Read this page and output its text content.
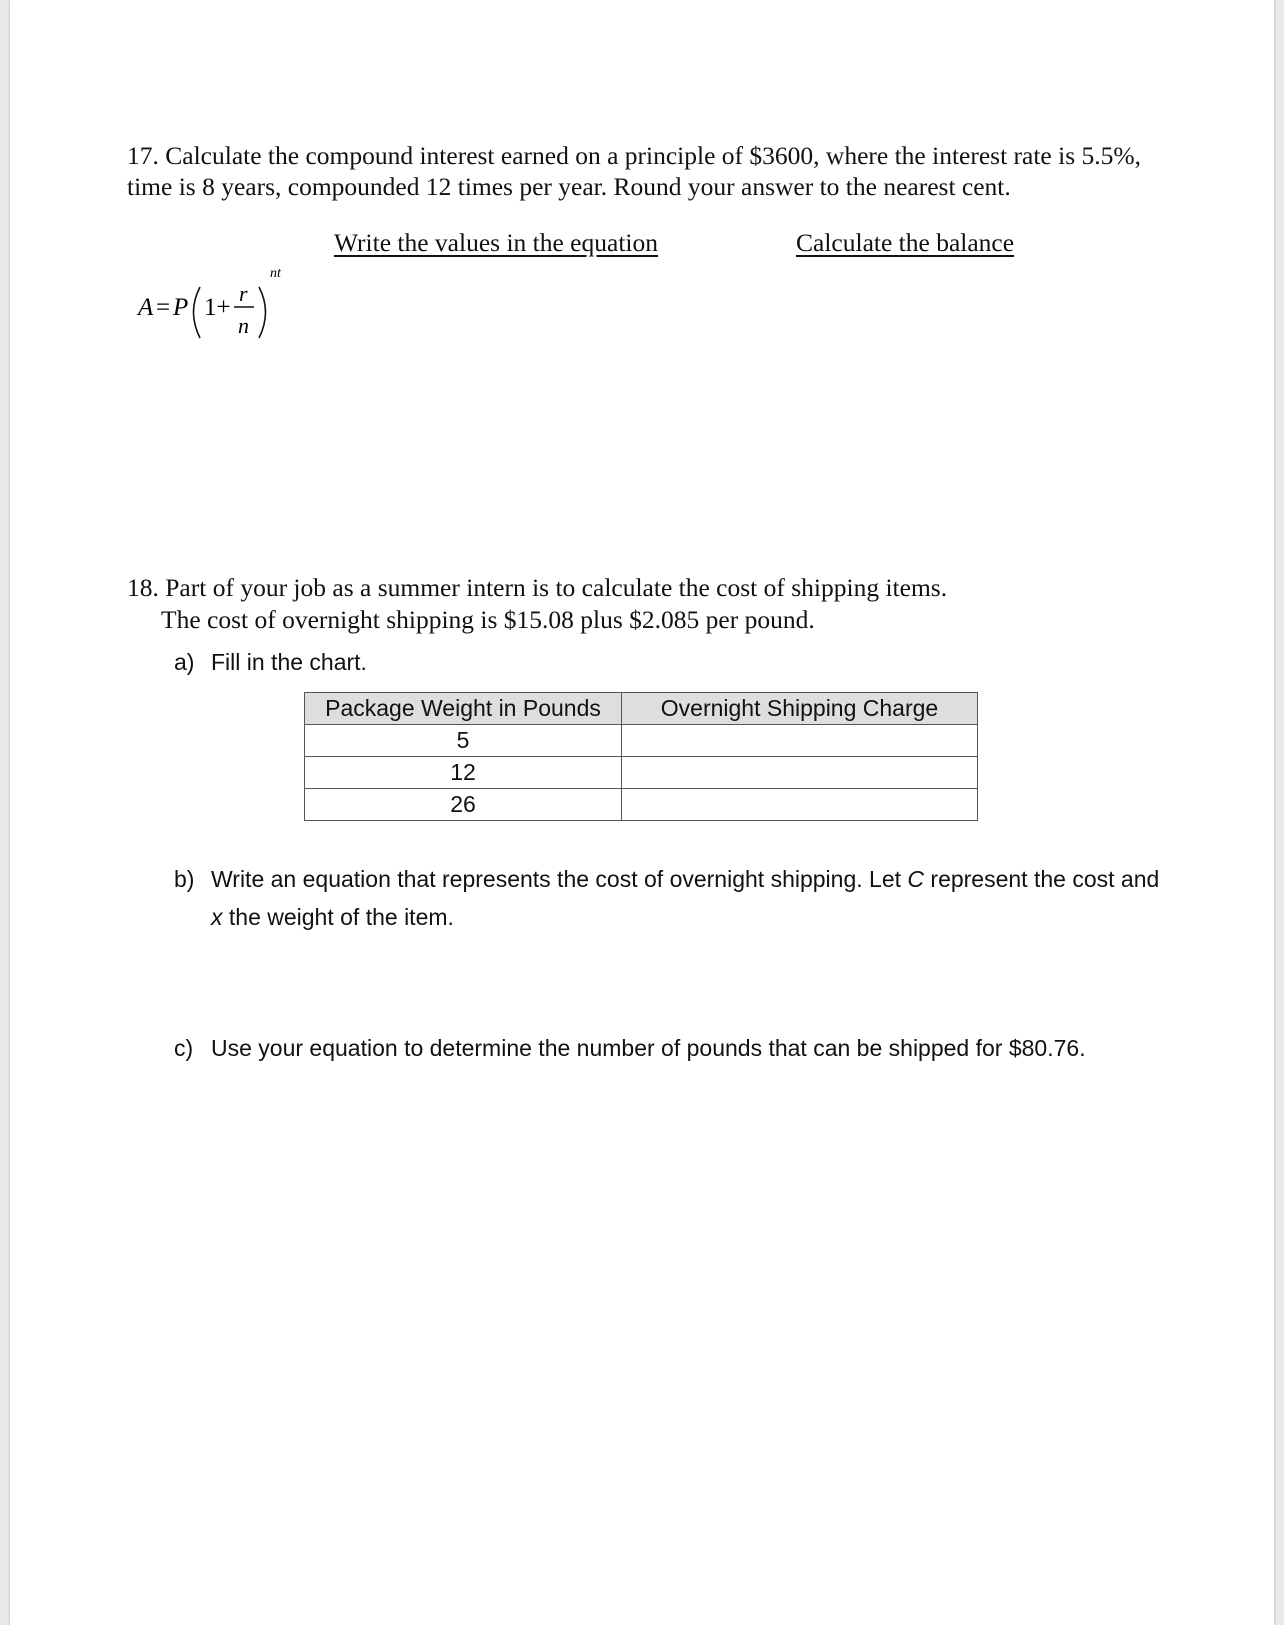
17. Calculate the compound interest earned on a principle of $3600, where the interest rate is 5.5%, time is 8 years, compounded 12 times per year. Round your answer to the nearest cent.
Write the values in the equation	Calculate the balance
A = P 1+
r
n
nt
18. Part of your job as a summer intern is to calculate the cost of shipping items.
The cost of overnight shipping is $15.08 plus $2.085 per pound.
a) Fill in the chart.
Package Weight in Pounds	Overnight Shipping Charge
5	
12	
26	
b) Write an equation that represents the cost of overnight shipping. Let C represent the cost and x the weight of the item.
c) Use your equation to determine the number of pounds that can be shipped for $80.76.
